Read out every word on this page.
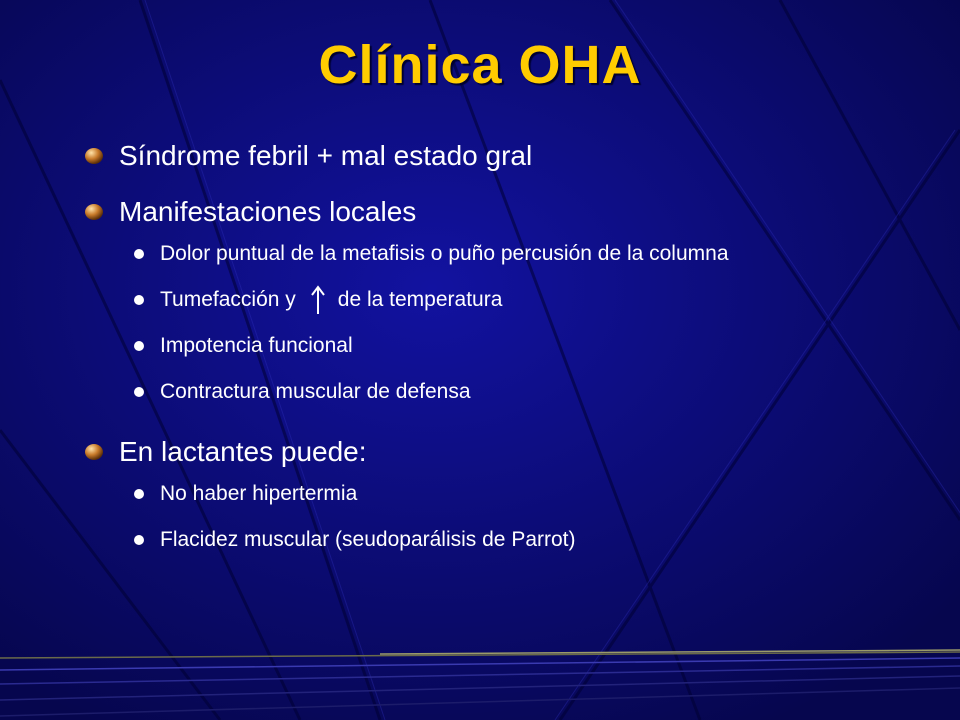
Clínica OHA
Síndrome febril + mal estado gral
Manifestaciones locales
Dolor puntual de la metafisis o puño percusión de la columna
Tumefacción y de la temperatura
Impotencia funcional
Contractura muscular de defensa
En lactantes puede:
No haber hipertermia
Flacidez muscular (seudoparálisis de Parrot)
